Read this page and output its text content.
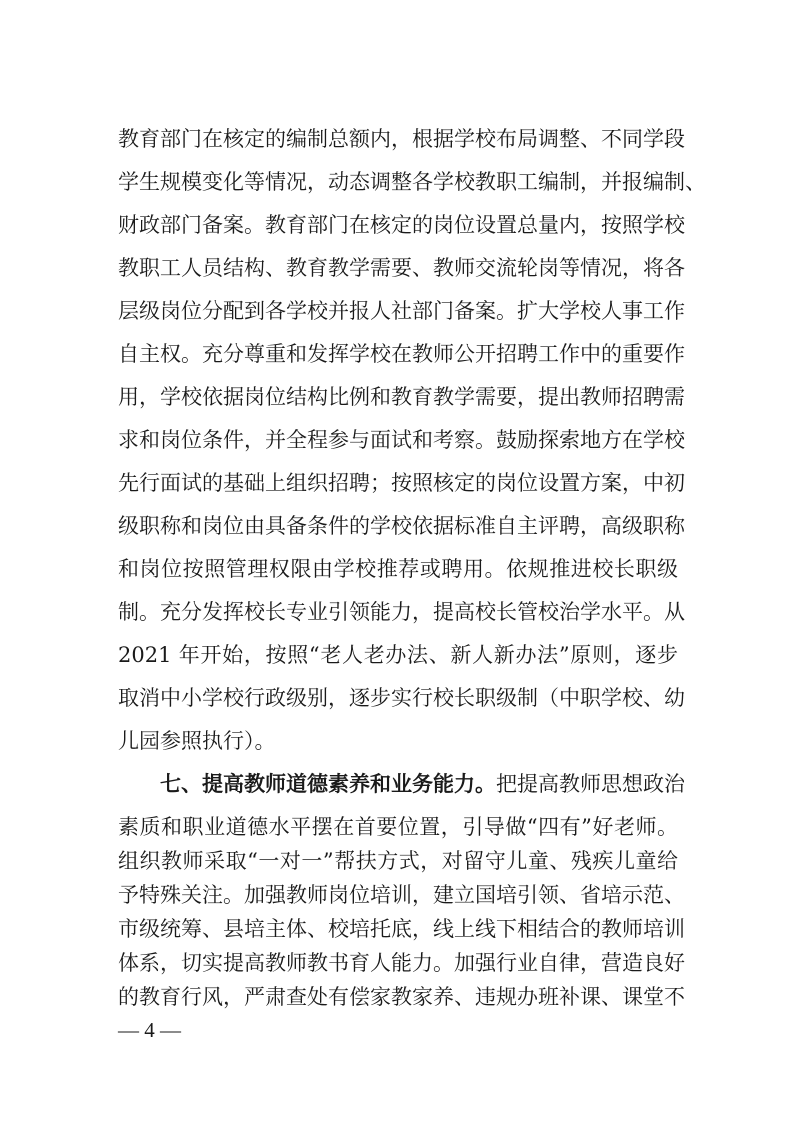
教育部门在核定的编制总额内，根据学校布局调整、不同学段
学生规模变化等情况，动态调整各学校教职工编制，并报编制、
财政部门备案。教育部门在核定的岗位设置总量内，按照学校
教职工人员结构、教育教学需要、教师交流轮岗等情况，将各
层级岗位分配到各学校并报人社部门备案。扩大学校人事工作
自主权。充分尊重和发挥学校在教师公开招聘工作中的重要作
用，学校依据岗位结构比例和教育教学需要，提出教师招聘需
求和岗位条件，并全程参与面试和考察。鼓励探索地方在学校
先行面试的基础上组织招聘；按照核定的岗位设置方案，中初
级职称和岗位由具备条件的学校依据标准自主评聘，高级职称
和岗位按照管理权限由学校推荐或聘用。依规推进校长职级
制。充分发挥校长专业引领能力，提高校长管校治学水平。从
2021 年开始，按照“老人老办法、新人新办法”原则，逐步
取消中小学校行政级别，逐步实行校长职级制（中职学校、幼
儿园参照执行）。
七、提高教师道德素养和业务能力。把提高教师思想政治
素质和职业道德水平摆在首要位置，引导做“四有”好老师。
组织教师采取“一对一”帮扶方式，对留守儿童、残疾儿童给
予特殊关注。加强教师岗位培训，建立国培引领、省培示范、
市级统筹、县培主体、校培托底，线上线下相结合的教师培训
体系，切实提高教师教书育人能力。加强行业自律，营造良好
— 4 —
的教育行风，严肃查处有偿家教家养、违规办班补课、课堂不
